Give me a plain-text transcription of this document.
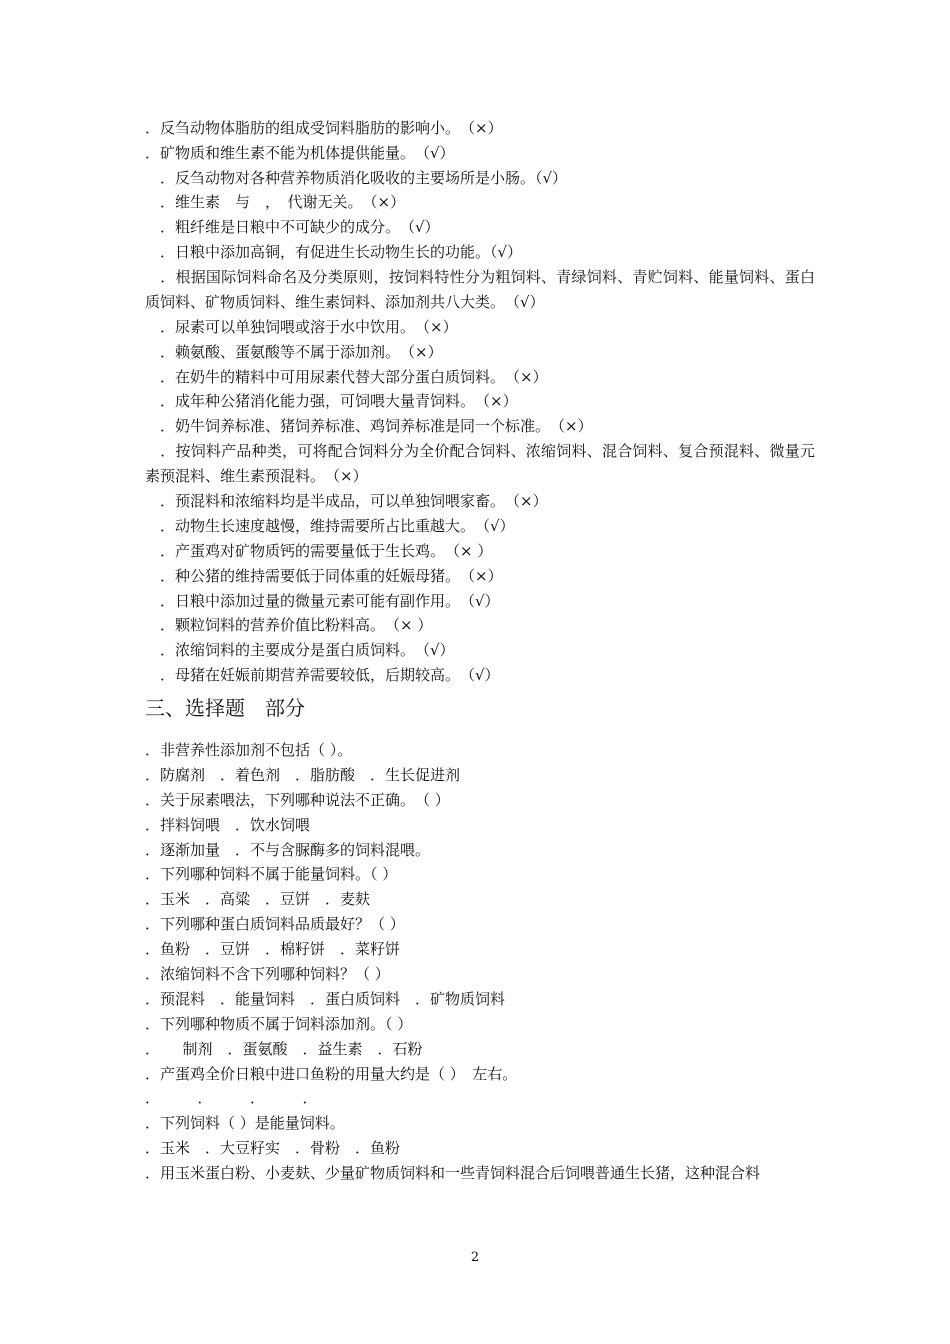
．反刍动物体脂肪的组成受饲料脂肪的影响小。　（×）
．矿物质和维生素不能为机体提供能量。　（√）
　．反刍动物对各种营养物质消化吸收的主要场所是小肠。（√）
　．维生素　与　，　代谢无关。　（×）
　．粗纤维是日粮中不可缺少的成分。　（√）
　．日粮中添加高铜，有促进生长动物生长的功能。（√）
　．根据国际饲料命名及分类原则，按饲料特性分为粗饲料、青绿饲料、青贮饲料、能量饲料、蛋白质饲料、矿物质饲料、维生素饲料、添加剂共八大类。　（√）
　．尿素可以单独饲喂或溶于水中饮用。　（×）
　．赖氨酸、蛋氨酸等不属于添加剂。　（×）
　．在奶牛的精料中可用尿素代替大部分蛋白质饲料。　（×）
　．成年种公猪消化能力强，可饲喂大量青饲料。　（×）
　．奶牛饲养标准、猪饲养标准、鸡饲养标准是同一个标准。　（×）
　．按饲料产品种类，可将配合饲料分为全价配合饲料、浓缩饲料、混合饲料、复合预混料、微量元素预混料、维生素预混料。　（×）
　．预混料和浓缩料均是半成品，可以单独饲喂家畜。　（×）
　．动物生长速度越慢，维持需要所占比重越大。　（√）
　．产蛋鸡对矿物质钙的需要量低于生长鸡。　（× ）
　．种公猪的维持需要低于同体重的妊娠母猪。　（×）
　．日粮中添加过量的微量元素可能有副作用。　（√）
　．颗粒饲料的营养价值比粉料高。　（× ）
　．浓缩饲料的主要成分是蛋白质饲料。　（√）
　．母猪在妊娠前期营养需要较低，后期较高。　（√）
三、选择题　部分
．非营养性添加剂不包括（ ）。
．防腐剂　．着色剂　．脂肪酸　．生长促进剂
．关于尿素喂法，下列哪种说法不正确。　（ ）
．拌料饲喂　．饮水饲喂
．逐渐加量　．不与含脲酶多的饲料混喂。
．下列哪种饲料不属于能量饲料。（ ）
．玉米　．高粱　．豆饼　．麦麸
．下列哪种蛋白质饲料品质最好？（ ）
．鱼粉　．豆饼　．棉籽饼　．菜籽饼
．浓缩饲料不含下列哪种饲料？（ ）
．预混料　．能量饲料　．蛋白质饲料　．矿物质饲料
．下列哪种物质不属于饲料添加剂。（ ）
．　　制剂　．蛋氨酸　．益生素　．石粉
．产蛋鸡全价日粮中进口鱼粉的用量大约是（ ）　左右。
．　　　．　　　．　　　．
．下列饲料（ ）是能量饲料。
．玉米　．大豆籽实　．骨粉　．鱼粉
．用玉米蛋白粉、小麦麸、少量矿物质饲料和一些青饲料混合后饲喂普通生长猪，这种混合料
2
